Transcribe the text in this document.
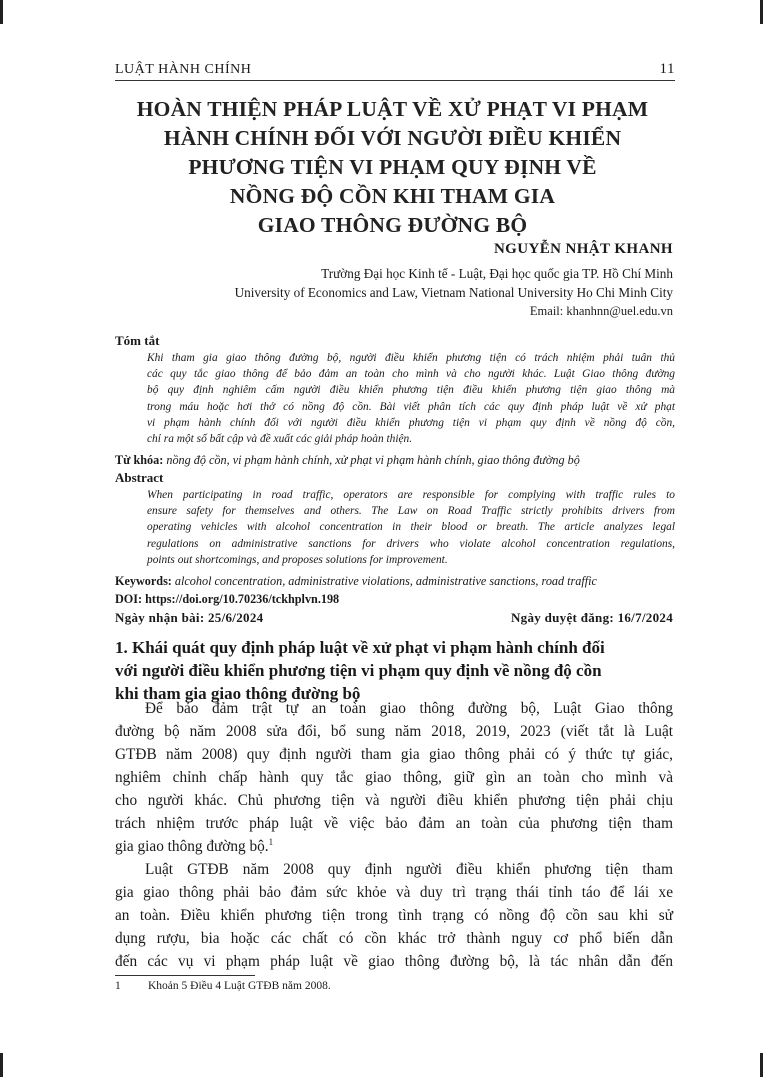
LUẬT HÀNH CHÍNH	11
HOÀN THIỆN PHÁP LUẬT VỀ XỬ PHẠT VI PHẠM
HÀNH CHÍNH ĐỐI VỚI NGƯỜI ĐIỀU KHIỂN
PHƯƠNG TIỆN VI PHẠM QUY ĐỊNH VỀ
NỒNG ĐỘ CỒN KHI THAM GIA
GIAO THÔNG ĐƯỜNG BỘ
NGUYỄN NHẬT KHANH
Trường Đại học Kinh tế - Luật, Đại học quốc gia TP. Hồ Chí Minh
University of Economics and Law, Vietnam National University Ho Chi Minh City
Email: khanhnn@uel.edu.vn
Tóm tắt
Khi tham gia giao thông đường bộ, người điều khiển phương tiện có trách nhiệm phải tuân thủ
các quy tắc giao thông để bảo đảm an toàn cho mình và cho người khác. Luật Giao thông đường
bộ quy định nghiêm cấm người điều khiển phương tiện điều khiển phương tiện giao thông mà
trong máu hoặc hơi thở có nồng độ cồn. Bài viết phân tích các quy định pháp luật về xử phạt
vi phạm hành chính đối với người điều khiển phương tiện vi phạm quy định về nồng độ cồn,
chỉ ra một số bất cập và đề xuất các giải pháp hoàn thiện.
Từ khóa: nồng độ cồn, vi phạm hành chính, xử phạt vi phạm hành chính, giao thông đường bộ
Abstract
When participating in road traffic, operators are responsible for complying with traffic rules to
ensure safety for themselves and others. The Law on Road Traffic strictly prohibits drivers from
operating vehicles with alcohol concentration in their blood or breath. The article analyzes legal
regulations on administrative sanctions for drivers who violate alcohol concentration regulations,
points out shortcomings, and proposes solutions for improvement.
Keywords: alcohol concentration, administrative violations, administrative sanctions, road traffic
DOI: https://doi.org/10.70236/tckhplvn.198
Ngày nhận bài: 25/6/2024	Ngày duyệt đăng: 16/7/2024
1. Khái quát quy định pháp luật về xử phạt vi phạm hành chính đối
với người điều khiển phương tiện vi phạm quy định về nồng độ cồn
khi tham gia giao thông đường bộ
Để bảo đảm trật tự an toàn giao thông đường bộ, Luật Giao thông
đường bộ năm 2008 sửa đổi, bổ sung năm 2018, 2019, 2023 (viết tắt là Luật
GTĐB năm 2008) quy định người tham gia giao thông phải có ý thức tự giác,
nghiêm chỉnh chấp hành quy tắc giao thông, giữ gìn an toàn cho mình và
cho người khác. Chủ phương tiện và người điều khiển phương tiện phải chịu
trách nhiệm trước pháp luật về việc bảo đảm an toàn của phương tiện tham
gia giao thông đường bộ.$^1$
Luật GTĐB năm 2008 quy định người điều khiển phương tiện tham
gia giao thông phải bảo đảm sức khỏe và duy trì trạng thái tỉnh táo để lái xe
an toàn. Điều khiển phương tiện trong tình trạng có nồng độ cồn sau khi sử
dụng rượu, bia hoặc các chất có cồn khác trở thành nguy cơ phổ biến dẫn
đến các vụ vi phạm pháp luật về giao thông đường bộ, là tác nhân dẫn đến
1 Khoản 5 Điều 4 Luật GTĐB năm 2008.
